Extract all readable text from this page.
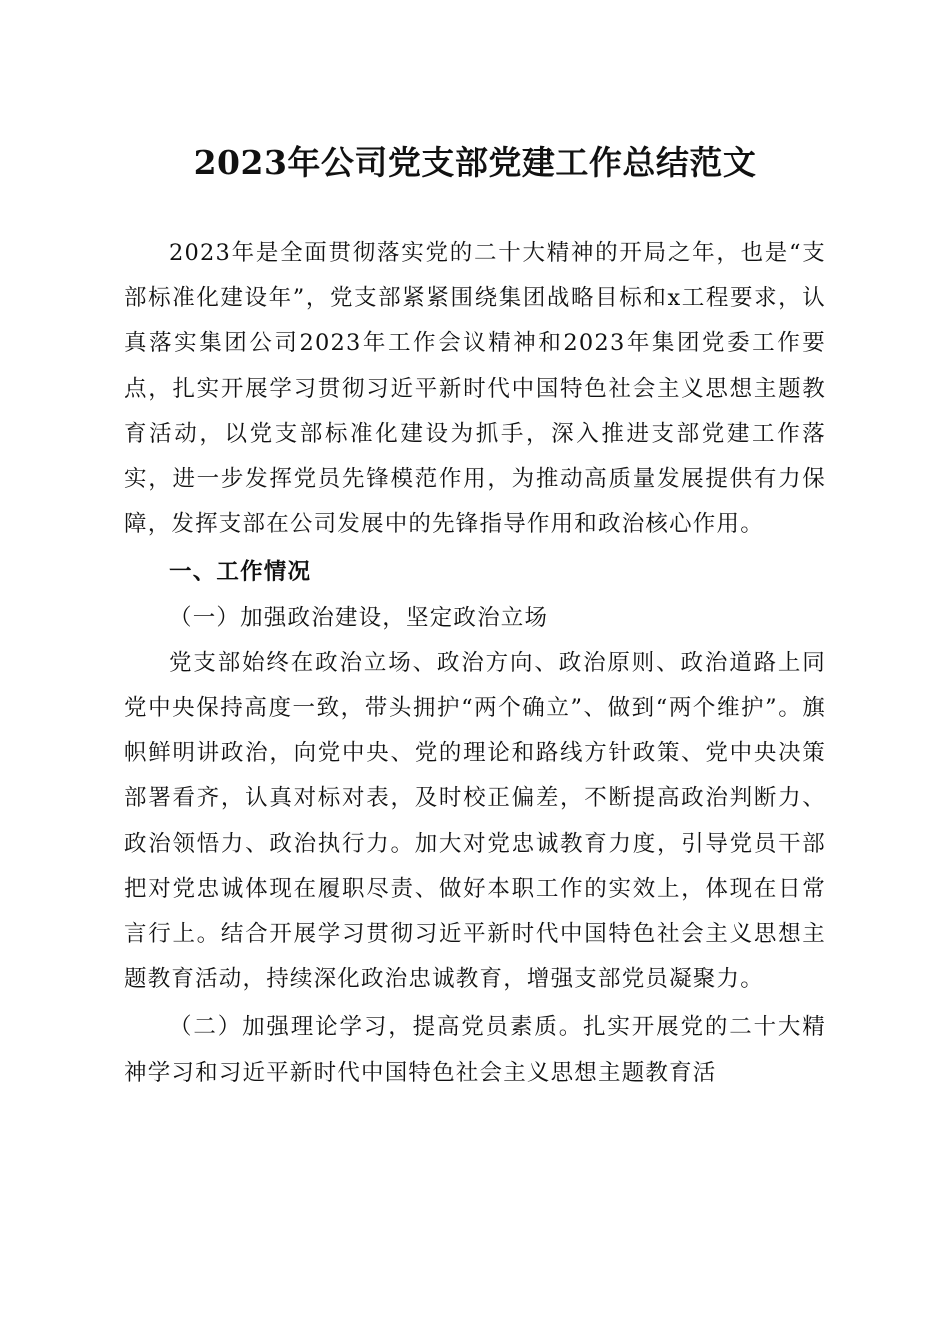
2023年公司党支部党建工作总结范文

2023年是全面贯彻落实党的二十大精神的开局之年，也是“支部标准化建设年”，党支部紧紧围绕集团战略目标和x工程要求，认真落实集团公司2023年工作会议精神和2023年集团党委工作要点，扎实开展学习贯彻习近平新时代中国特色社会主义思想主题教育活动，以党支部标准化建设为抓手，深入推进支部党建工作落实，进一步发挥党员先锋模范作用，为推动高质量发展提供有力保障，发挥支部在公司发展中的先锋指导作用和政治核心作用。

一、工作情况

（一）加强政治建设，坚定政治立场

党支部始终在政治立场、政治方向、政治原则、政治道路上同党中央保持高度一致，带头拥护“两个确立”、做到“两个维护”。旗帜鲜明讲政治，向党中央、党的理论和路线方针政策、党中央决策部署看齐，认真对标对表，及时校正偏差，不断提高政治判断力、政治领悟力、政治执行力。加大对党忠诚教育力度，引导党员干部把对党忠诚体现在履职尽责、做好本职工作的实效上，体现在日常言行上。结合开展学习贯彻习近平新时代中国特色社会主义思想主题教育活动，持续深化政治忠诚教育，增强支部党员凝聚力。

（二）加强理论学习，提高党员素质。扎实开展党的二十大精神学习和习近平新时代中国特色社会主义思想主题教育活
